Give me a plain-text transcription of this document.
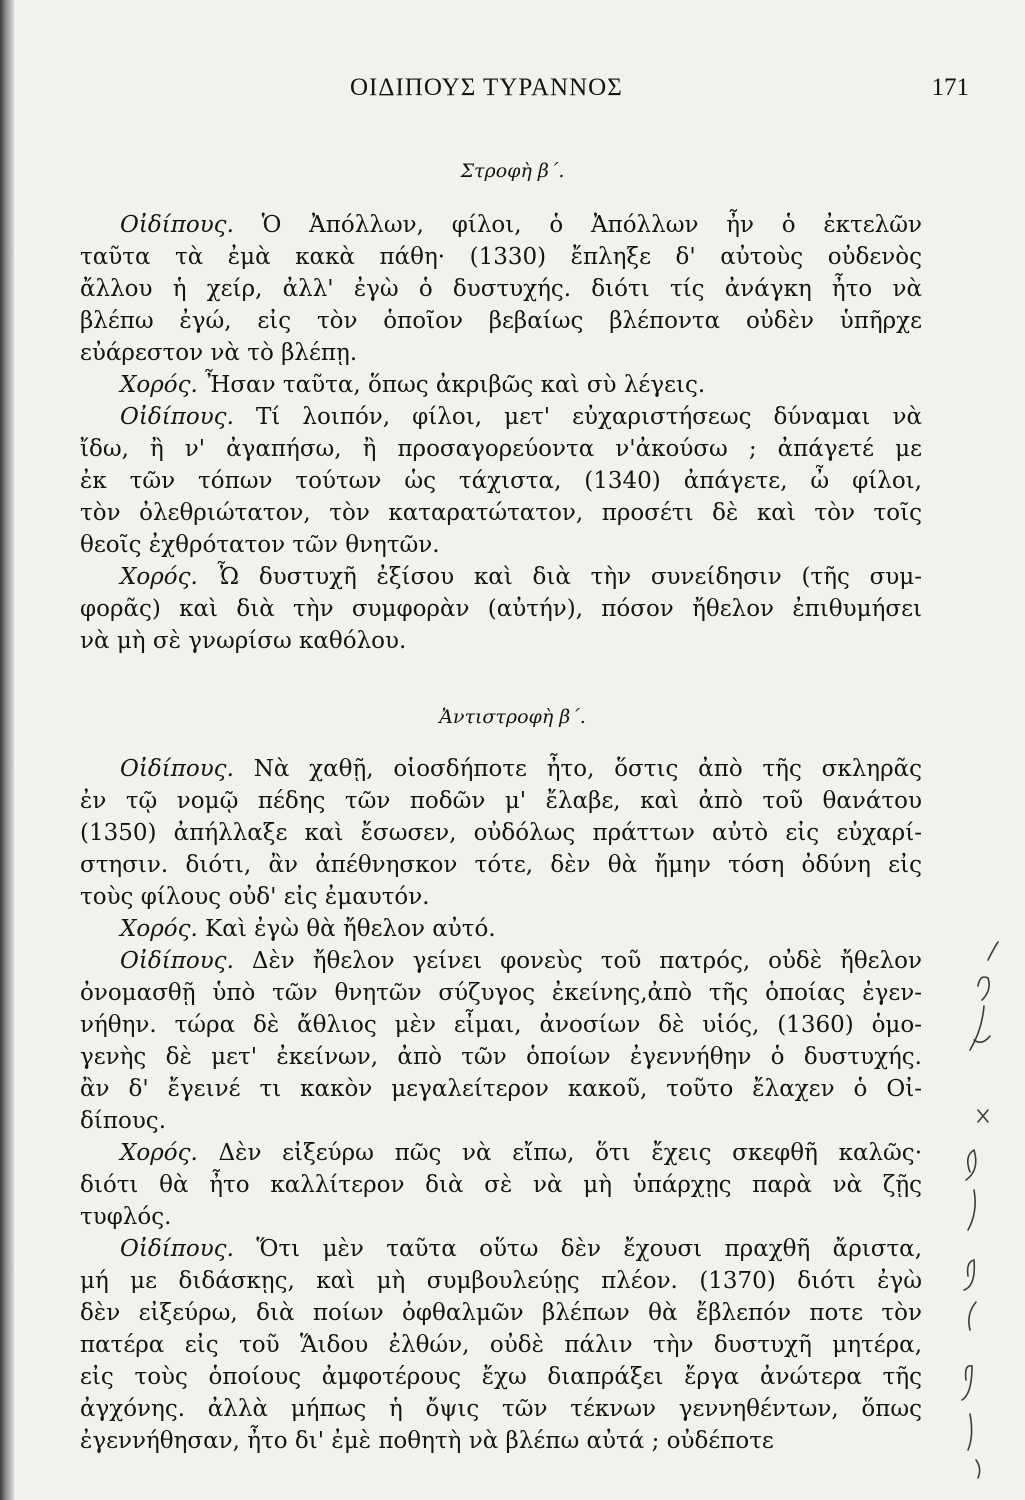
ΟΙΔΙΠΟΥΣ ΤΥΡΑΝΝΟΣ	171
Στροφὴ β΄.
Οἰδίπους. Ὁ Ἀπόλλων, φίλοι, ὁ Ἀπόλλων ἦν ὁ ἐκτελῶν
ταῦτα τὰ ἐμὰ κακὰ πάθη· (1330) ἔπληξε δ' αὐτοὺς οὐδενὸς
ἄλλου ἡ χείρ, ἀλλ' ἐγὼ ὁ δυστυχής. διότι τίς ἀνάγκη ἦτο νὰ
βλέπω ἐγώ, εἰς τὸν ὁποῖον βεβαίως βλέποντα οὐδὲν ὑπῆρχε
εὐάρεστον νὰ τὸ βλέπῃ.
Χορός. Ἦσαν ταῦτα, ὅπως ἀκριβῶς καὶ σὺ λέγεις.
Οἰδίπους. Τί λοιπόν, φίλοι, μετ' εὐχαριστήσεως δύναμαι νὰ
ἴδω, ἢ ν' ἀγαπήσω, ἢ προσαγορεύοντα ν'ἀκούσω ; ἀπάγετέ με
ἐκ τῶν τόπων τούτων ὡς τάχιστα, (1340) ἀπάγετε, ὦ φίλοι,
τὸν ὀλεθριώτατον, τὸν καταρατώτατον, προσέτι δὲ καὶ τὸν τοῖς
θεοῖς ἐχθρότατον τῶν θνητῶν.
Χορός. Ὦ δυστυχῆ ἐξίσου καὶ διὰ τὴν συνείδησιν (τῆς συμ-
φορᾶς) καὶ διὰ τὴν συμφορὰν (αὐτήν), πόσον ἤθελον ἐπιθυμήσει
νὰ μὴ σὲ γνωρίσω καθόλου.
Ἀντιστροφὴ β΄.
Οἰδίπους. Νὰ χαθῇ, οἱοσδήποτε ἦτο, ὅστις ἀπὸ τῆς σκληρᾶς
ἐν τῷ νομῷ πέδης τῶν ποδῶν μ' ἔλαβε, καὶ ἀπὸ τοῦ θανάτου
(1350) ἀπήλλαξε καὶ ἔσωσεν, οὐδόλως πράττων αὐτὸ εἰς εὐχαρί-
στησιν. διότι, ἂν ἀπέθνησκον τότε, δὲν θὰ ἤμην τόση ὀδύνη εἰς
τοὺς φίλους οὐδ' εἰς ἐμαυτόν.
Χορός. Καὶ ἐγὼ θὰ ἤθελον αὐτό.
Οἰδίπους. Δὲν ἤθελον γείνει φονεὺς τοῦ πατρός, οὐδὲ ἤθελον
ὀνομασθῇ ὑπὸ τῶν θνητῶν σύζυγος ἐκείνης,ἀπὸ τῆς ὁποίας ἐγεν-
νήθην. τώρα δὲ ἄθλιος μὲν εἶμαι, ἀνοσίων δὲ υἱός, (1360) ὁμο-
γενὴς δὲ μετ' ἐκείνων, ἀπὸ τῶν ὁποίων ἐγεννήθην ὁ δυστυχής.
ἂν δ' ἔγεινέ τι κακὸν μεγαλείτερον κακοῦ, τοῦτο ἔλαχεν ὁ Οἰ-
δίπους.
Χορός. Δὲν εἰξεύρω πῶς νὰ εἴπω, ὅτι ἔχεις σκεφθῆ καλῶς·
διότι θὰ ἦτο καλλίτερον διὰ σὲ νὰ μὴ ὑπάρχῃς παρὰ νὰ ζῇς
τυφλός.
Οἰδίπους. Ὅτι μὲν ταῦτα οὕτω δὲν ἔχουσι πραχθῆ ἄριστα,
μή με διδάσκῃς, καὶ μὴ συμβουλεύῃς πλέον. (1370) διότι ἐγὼ
δὲν εἰξεύρω, διὰ ποίων ὀφθαλμῶν βλέπων θὰ ἔβλεπόν ποτε τὸν
πατέρα εἰς τοῦ Ἅιδου ἐλθών, οὐδὲ πάλιν τὴν δυστυχῆ μητέρα,
εἰς τοὺς ὁποίους ἀμφοτέρους ἔχω διαπράξει ἔργα ἀνώτερα τῆς
ἀγχόνης. ἀλλὰ μήπως ἡ ὄψις τῶν τέκνων γεννηθέντων, ὅπως
ἐγεννήθησαν, ἦτο δι' ἐμὲ ποθητὴ νὰ βλέπω αὐτά ; οὐδέποτε
